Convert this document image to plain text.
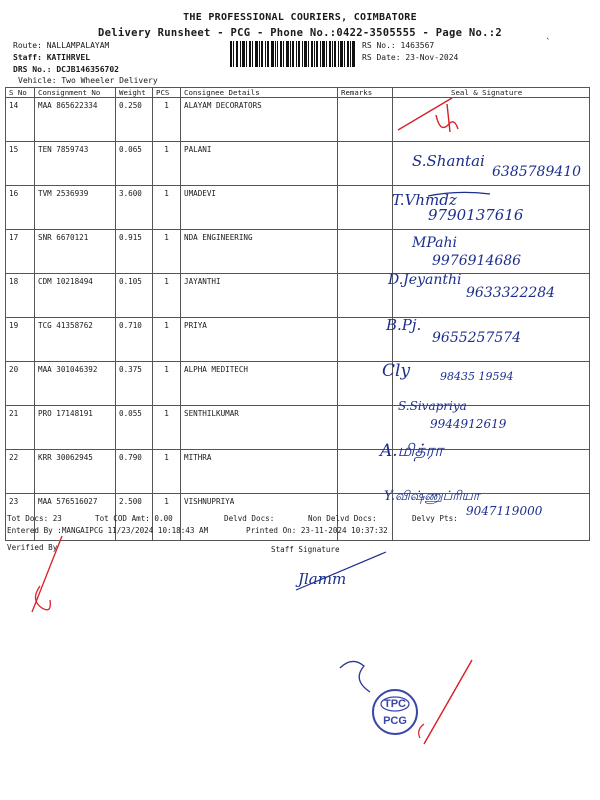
THE PROFESSIONAL COURIERS, COIMBATORE
Delivery Runsheet - PCG - Phone No.:0422-3505555 - Page No.:2	ˎ
Route: NALLAMPALAYAM
Staff: KATIHRVEL
DRS No.: DCJB146356702
Vehicle: Two Wheeler Delivery
RS No.: 1463567
RS Date: 23-Nov-2024
S No	Consignment No	Weight	PCS	Consignee Details	Remarks	Seal & Signature
14	MAA 865622334	0.250	1	ALAYAM DECORATORS		
15	TEN 7859743	0.065	1	PALANI		
16	TVM 2536939	3.600	1	UMADEVI		
17	SNR 6670121	0.915	1	NDA ENGINEERING		
18	CDM 10218494	0.105	1	JAYANTHI		
19	TCG 41358762	0.710	1	PRIYA		
20	MAA 301046392	0.375	1	ALPHA MEDITECH		
21	PRO 17148191	0.055	1	SENTHILKUMAR		
22	KRR 30062945	0.790	1	MITHRA		
23	MAA 576516027	2.500	1	VISHNUPRIYA		
Tot Docs: 23	Tot COD Amt: 0.00	Delvd Docs:	Non Delvd Docs:	Delvy Pts:
Entered By :MANGAIPCG 11/23/2024 10:18:43 AM	Printed On: 23-11-2024 10:37:32
Verified By	Staff Signature
S.Shantai
6385789410
T.Vhmdz
9790137616
MPahi
9976914686
D.Jeyanthi
9633322284
B.Pj.
9655257574
Cly	98435 19594
S.Sivapriya
9944912619
A.மித்ரா
Y.விஷ்ணுப்ரியா
9047119000
Jlamm
TPC
PCG
